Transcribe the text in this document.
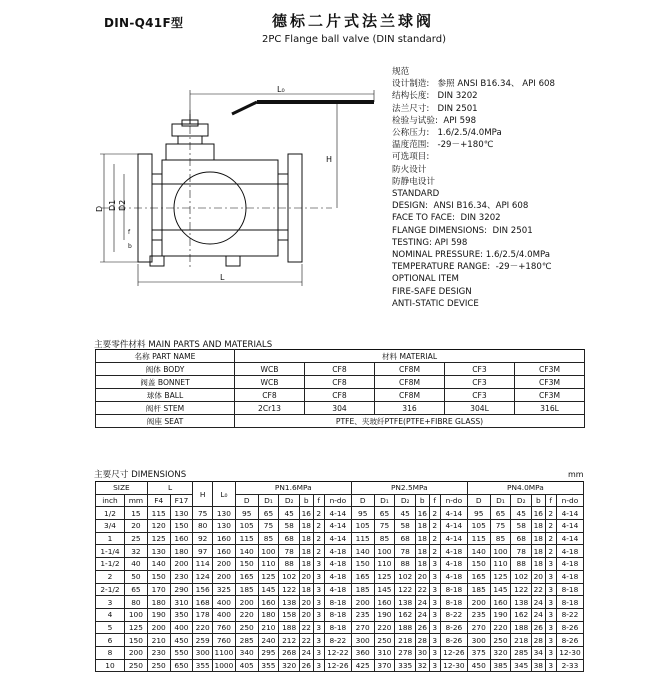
DIN-Q41F型	德标二片式法兰球阀
2PC Flange ball valve (DIN standard)
L₀
H
L
D D1 D2
b
f
规范
设计制造:   参照 ANSI B16.34、 API 608
结构长度:   DIN 3202
法兰尺寸:   DIN 2501
检验与试验:  API 598
公称压力:   1.6/2.5/4.0MPa
温度范围:   -29－+180℃
可选项目:
防火设计
防静电设计
STANDARD
DESIGN:  ANSI B16.34、API 608
FACE TO FACE:  DIN 3202
FLANGE DIMENSIONS:  DIN 2501
TESTING: API 598
NOMINAL PRESSURE: 1.6/2.5/4.0MPa
TEMPERATURE RANGE:  -29－+180℃
OPTIONAL ITEM
FIRE-SAFE DESIGN
ANTI-STATIC DEVICE
主要零件材料 MAIN PARTS AND MATERIALS
名称 PART NAME	材料 MATERIAL				
阀体 BODY	WCB	CF8	CF8M	CF3	CF3M
阀盖 BONNET	WCB	CF8	CF8M	CF3	CF3M
球体 BALL	CF8	CF8	CF8M	CF3	CF3M
阀杆 STEM	2Cr13	304	316	304L	316L
阀座 SEAT	PTFE、夹玻纤PTFE(PTFE+FIBRE GLASS)				
主要尺寸 DIMENSIONS	mm
SIZE		L		H	L₀	PN1.6MPa						PN2.5MPa						PN4.0MPa					
inch	mm	F4	F17			D	D₁	D₂	b	f	n-do	D	D₁	D₂	b	f	n-do	D	D₁	D₂	b	f	n-do
1/2	15	115	130	75	130	95	65	45	16	2	4-14	95	65	45	16	2	4-14	95	65	45	16	2	4-14
3/4	20	120	150	80	130	105	75	58	18	2	4-14	105	75	58	18	2	4-14	105	75	58	18	2	4-14
1	25	125	160	92	160	115	85	68	18	2	4-14	115	85	68	18	2	4-14	115	85	68	18	2	4-14
1-1/4	32	130	180	97	160	140	100	78	18	2	4-18	140	100	78	18	2	4-18	140	100	78	18	2	4-18
1-1/2	40	140	200	114	200	150	110	88	18	3	4-18	150	110	88	18	3	4-18	150	110	88	18	3	4-18
2	50	150	230	124	200	165	125	102	20	3	4-18	165	125	102	20	3	4-18	165	125	102	20	3	4-18
2-1/2	65	170	290	156	325	185	145	122	18	3	4-18	185	145	122	22	3	8-18	185	145	122	22	3	8-18
3	80	180	310	168	400	200	160	138	20	3	8-18	200	160	138	24	3	8-18	200	160	138	24	3	8-18
4	100	190	350	178	400	220	180	158	20	3	8-18	235	190	162	24	3	8-22	235	190	162	24	3	8-22
5	125	200	400	220	760	250	210	188	22	3	8-18	270	220	188	26	3	8-26	270	220	188	26	3	8-26
6	150	210	450	259	760	285	240	212	22	3	8-22	300	250	218	28	3	8-26	300	250	218	28	3	8-26
8	200	230	550	300	1100	340	295	268	24	3	12-22	360	310	278	30	3	12-26	375	320	285	34	3	12-30
10	250	250	650	355	1000	405	355	320	26	3	12-26	425	370	335	32	3	12-30	450	385	345	38	3	2-33
